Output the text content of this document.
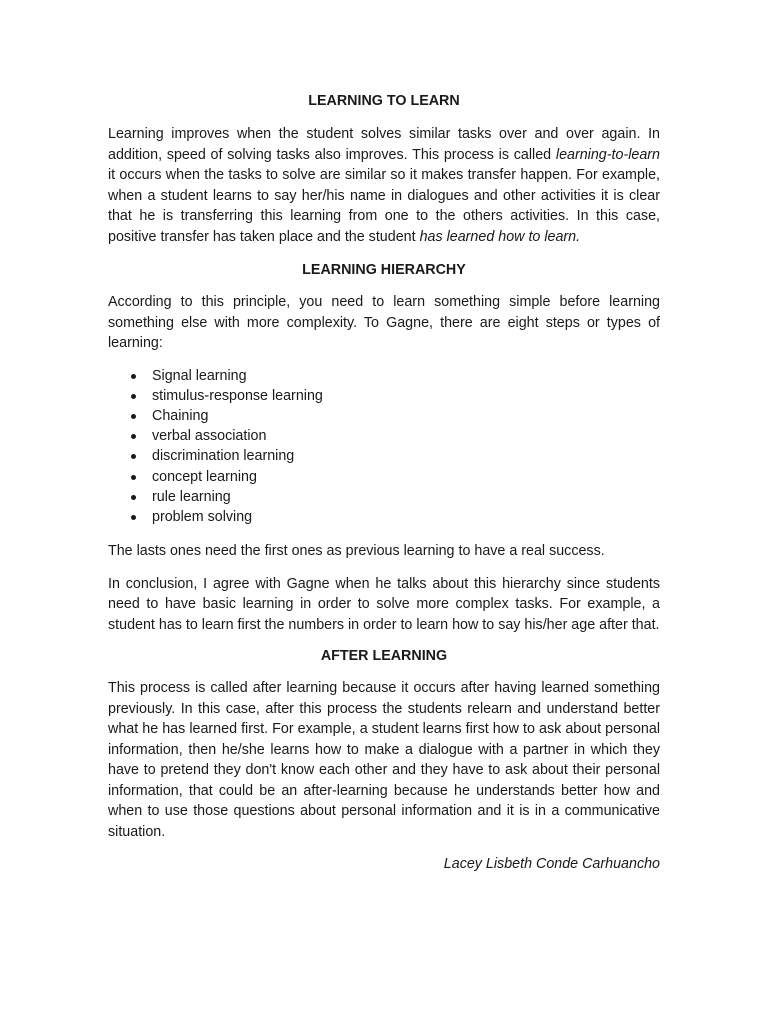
LEARNING TO LEARN

Learning improves when the student solves similar tasks over and over again. In addition, speed of solving tasks also improves. This process is called learning-to-learn it occurs when the tasks to solve are similar so it makes transfer happen. For example, when a student learns to say her/his name in dialogues and other activities it is clear that he is transferring this learning from one to the others activities. In this case, positive transfer has taken place and the student has learned how to learn.

LEARNING HIERARCHY

According to this principle, you need to learn something simple before learning something else with more complexity. To Gagne, there are eight steps or types of learning:

Signal learning
stimulus-response learning
Chaining
verbal association
discrimination learning
concept learning
rule learning
problem solving

The lasts ones need the first ones as previous learning to have a real success.

In conclusion, I agree with Gagne when he talks about this hierarchy since students need to have basic learning in order to solve more complex tasks. For example, a student has to learn first the numbers in order to learn how to say his/her age after that.

AFTER LEARNING

This process is called after learning because it occurs after having learned something previously. In this case, after this process the students relearn and understand better what he has learned first. For example, a student learns first how to ask about personal information, then he/she learns how to make a dialogue with a partner in which they have to pretend they don't know each other and they have to ask about their personal information, that could be an after-learning because he understands better how and when to use those questions about personal information and it is in a communicative situation.

Lacey Lisbeth Conde Carhuancho
